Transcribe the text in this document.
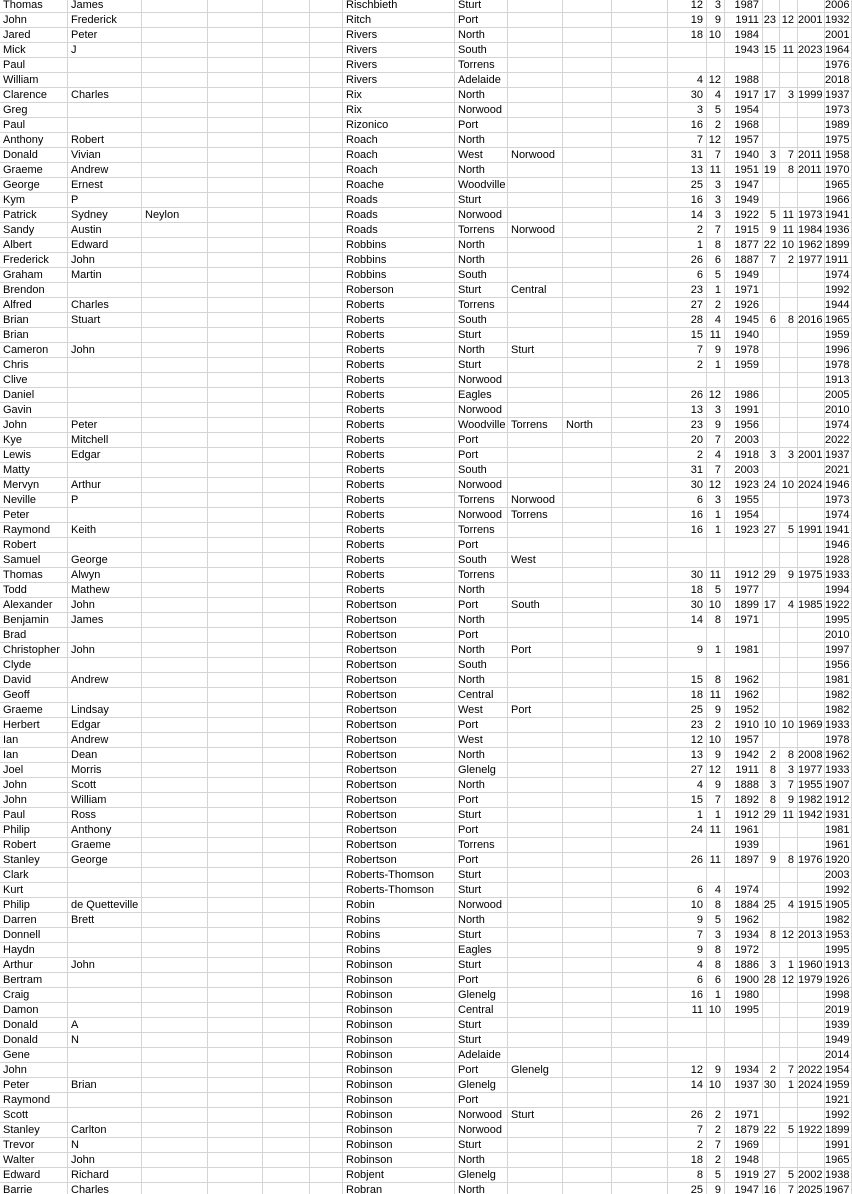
Thomas	James					Rischbieth	Sturt				12	3	1987				2006
John	Frederick					Ritch	Port				19	9	1911	23	12	2001	1932
Jared	Peter					Rivers	North				18	10	1984				2001
Mick	J					Rivers	South						1943	15	11	2023	1964
Paul						Rivers	Torrens										1976
William						Rivers	Adelaide				4	12	1988				2018
Clarence	Charles					Rix	North				30	4	1917	17	3	1999	1937
Greg						Rix	Norwood				3	5	1954				1973
Paul						Rizonico	Port				16	2	1968				1989
Anthony	Robert					Roach	North				7	12	1957				1975
Donald	Vivian					Roach	West	Norwood			31	7	1940	3	7	2011	1958
Graeme	Andrew					Roach	North				13	11	1951	19	8	2011	1970
George	Ernest					Roache	Woodville				25	3	1947				1965
Kym	P					Roads	Sturt				16	3	1949				1966
Patrick	Sydney	Neylon				Roads	Norwood				14	3	1922	5	11	1973	1941
Sandy	Austin					Roads	Torrens	Norwood			2	7	1915	9	11	1984	1936
Albert	Edward					Robbins	North				1	8	1877	22	10	1962	1899
Frederick	John					Robbins	North				26	6	1887	7	2	1977	1911
Graham	Martin					Robbins	South				6	5	1949				1974
Brendon						Roberson	Sturt	Central			23	1	1971				1992
Alfred	Charles					Roberts	Torrens				27	2	1926				1944
Brian	Stuart					Roberts	South				28	4	1945	6	8	2016	1965
Brian						Roberts	Sturt				15	11	1940				1959
Cameron	John					Roberts	North	Sturt			7	9	1978				1996
Chris						Roberts	Sturt				2	1	1959				1978
Clive						Roberts	Norwood										1913
Daniel						Roberts	Eagles				26	12	1986				2005
Gavin						Roberts	Norwood				13	3	1991				2010
John	Peter					Roberts	Woodville	Torrens	North		23	9	1956				1974
Kye	Mitchell					Roberts	Port				20	7	2003				2022
Lewis	Edgar					Roberts	Port				2	4	1918	3	3	2001	1937
Matty						Roberts	South				31	7	2003				2021
Mervyn	Arthur					Roberts	Norwood				30	12	1923	24	10	2024	1946
Neville	P					Roberts	Torrens	Norwood			6	3	1955				1973
Peter						Roberts	Norwood	Torrens			16	1	1954				1974
Raymond	Keith					Roberts	Torrens				16	1	1923	27	5	1991	1941
Robert						Roberts	Port										1946
Samuel	George					Roberts	South	West									1928
Thomas	Alwyn					Roberts	Torrens				30	11	1912	29	9	1975	1933
Todd	Mathew					Roberts	North				18	5	1977				1994
Alexander	John					Robertson	Port	South			30	10	1899	17	4	1985	1922
Benjamin	James					Robertson	North				14	8	1971				1995
Brad						Robertson	Port										2010
Christopher	John					Robertson	North	Port			9	1	1981				1997
Clyde						Robertson	South										1956
David	Andrew					Robertson	North				15	8	1962				1981
Geoff						Robertson	Central				18	11	1962				1982
Graeme	Lindsay					Robertson	West	Port			25	9	1952				1982
Herbert	Edgar					Robertson	Port				23	2	1910	10	10	1969	1933
Ian	Andrew					Robertson	West				12	10	1957				1978
Ian	Dean					Robertson	North				13	9	1942	2	8	2008	1962
Joel	Morris					Robertson	Glenelg				27	12	1911	8	3	1977	1933
John	Scott					Robertson	North				4	9	1888	3	7	1955	1907
John	William					Robertson	Port				15	7	1892	8	9	1982	1912
Paul	Ross					Robertson	Sturt				1	1	1912	29	11	1942	1931
Philip	Anthony					Robertson	Port				24	11	1961				1981
Robert	Graeme					Robertson	Torrens						1939				1961
Stanley	George					Robertson	Port				26	11	1897	9	8	1976	1920
Clark						Roberts-Thomson	Sturt										2003
Kurt						Roberts-Thomson	Sturt				6	4	1974				1992
Philip	de Quetteville					Robin	Norwood				10	8	1884	25	4	1915	1905
Darren	Brett					Robins	North				9	5	1962				1982
Donnell						Robins	Sturt				7	3	1934	8	12	2013	1953
Haydn						Robins	Eagles				9	8	1972				1995
Arthur	John					Robinson	Sturt				4	8	1886	3	1	1960	1913
Bertram						Robinson	Port				6	6	1900	28	12	1979	1926
Craig						Robinson	Glenelg				16	1	1980				1998
Damon						Robinson	Central				11	10	1995				2019
Donald	A					Robinson	Sturt										1939
Donald	N					Robinson	Sturt										1949
Gene						Robinson	Adelaide										2014
John						Robinson	Port	Glenelg			12	9	1934	2	7	2022	1954
Peter	Brian					Robinson	Glenelg				14	10	1937	30	1	2024	1959
Raymond						Robinson	Port										1921
Scott						Robinson	Norwood	Sturt			26	2	1971				1992
Stanley	Carlton					Robinson	Norwood				7	2	1879	22	5	1922	1899
Trevor	N					Robinson	Sturt				2	7	1969				1991
Walter	John					Robinson	North				18	2	1948				1965
Edward	Richard					Robjent	Glenelg				8	5	1919	27	5	2002	1938
Barrie	Charles					Robran	North				25	9	1947	16	7	2025	1967
